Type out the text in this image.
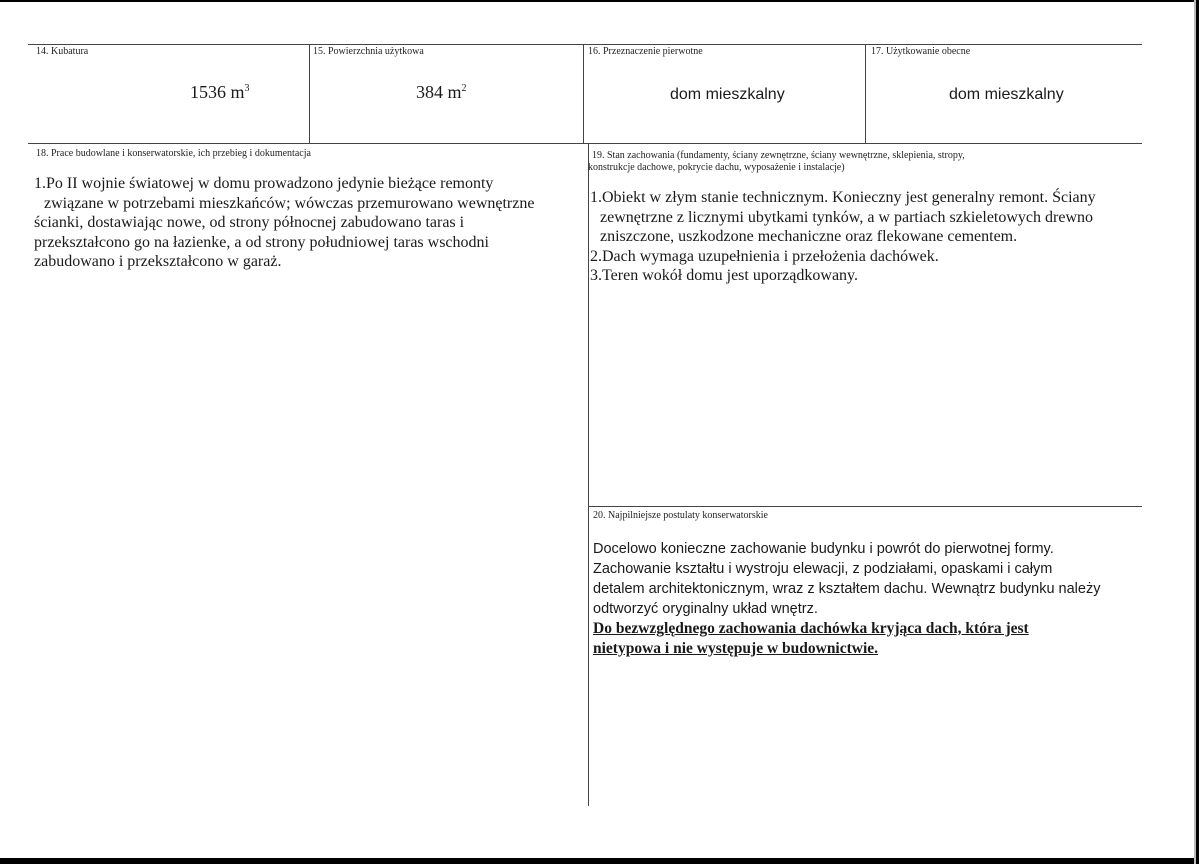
14. Kubatura
1536 $m^3$
15. Powierzchnia użytkowa
384 $m^2$
16. Przeznaczenie pierwotne
dom mieszkalny
17. Użytkowanie obecne
dom mieszkalny
18. Prace budowlane i konserwatorskie, ich przebieg i dokumentacja

1.Po II wojnie światowej w domu prowadzono jedynie bieżące remonty

związane w potrzebami mieszkańców; wówczas przemurowano wewnętrzne

ścianki, dostawiając nowe, od strony północnej zabudowano taras i

przekształcono go na łazienke, a od strony południowej taras wschodni

zabudowano i przekształcono w garaż.

19. Stan zachowania (fundamenty, ściany zewnętrzne, ściany wewnętrzne, sklepienia, stropy,
konstrukcje dachowe, pokrycie dachu, wyposażenie i instalacje)

1.Obiekt w złym stanie technicznym. Konieczny jest generalny remont. Ściany

zewnętrzne z licznymi ubytkami tynków, a w partiach szkieletowych drewno

zniszczone, uszkodzone mechaniczne oraz flekowane cementem.

2.Dach wymaga uzupełnienia i przełożenia dachówek.

3.Teren wokół domu jest uporządkowany.

20. Najpilniejsze postulaty konserwatorskie

Docelowo konieczne zachowanie budynku i powrót do pierwotnej formy.

Zachowanie kształtu i wystroju elewacji, z podziałami, opaskami i całym

detalem architektonicznym, wraz z kształtem dachu. Wewnątrz budynku należy

odtworzyć oryginalny układ wnętrz.

Do bezwzględnego zachowania dachówka kryjąca dach, która jest

nietypowa i nie występuje w budownictwie.
